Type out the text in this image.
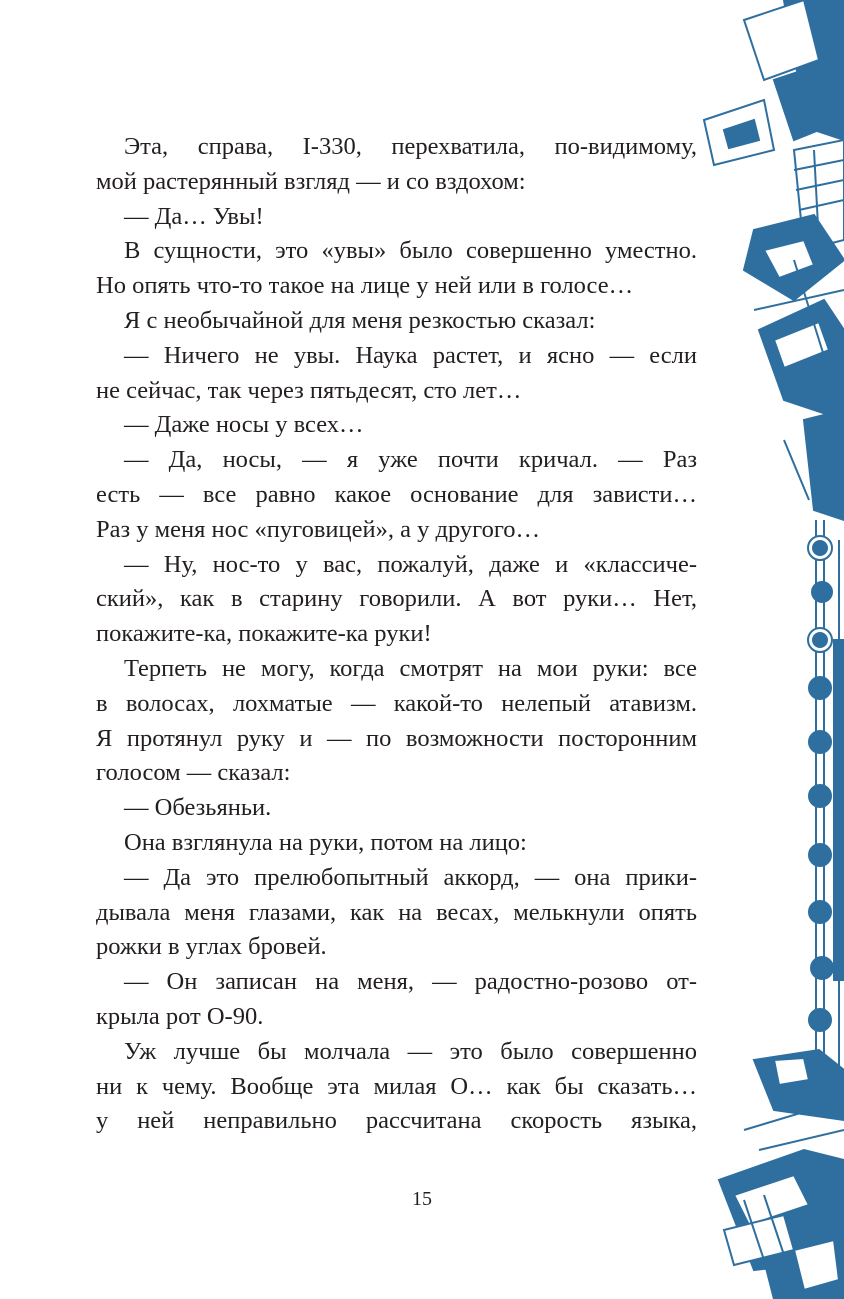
Эта, справа, I-330, перехватила, по-видимому,
мой растерянный взгляд — и со вздохом:
— Да… Увы!
В сущности, это «увы» было совершенно уместно.
Но опять что-то такое на лице у ней или в голосе…
Я с необычайной для меня резкостью сказал:
— Ничего не увы. Наука растет, и ясно — если
не сейчас, так через пятьдесят, сто лет…
— Даже носы у всех…
— Да, носы, — я уже почти кричал. — Раз
есть — все равно какое основание для зависти…
Раз у меня нос «пуговицей», а у другого…
— Ну, нос-то у вас, пожалуй, даже и «классиче-
ский», как в старину говорили. А вот руки… Нет,
покажите-ка, покажите-ка руки!
Терпеть не могу, когда смотрят на мои руки: все
в волосах, лохматые — какой-то нелепый атавизм.
Я протянул руку и — по возможности посторонним
голосом — сказал:
— Обезьяньи.
Она взглянула на руки, потом на лицо:
— Да это прелюбопытный аккорд, — она прики-
дывала меня глазами, как на весах, мелькнули опять
рожки в углах бровей.
— Он записан на меня, — радостно-розово от-
крыла рот О-90.
Уж лучше бы молчала — это было совершенно
ни к чему. Вообще эта милая О… как бы сказать…
у ней неправильно рассчитана скорость языка,
15
